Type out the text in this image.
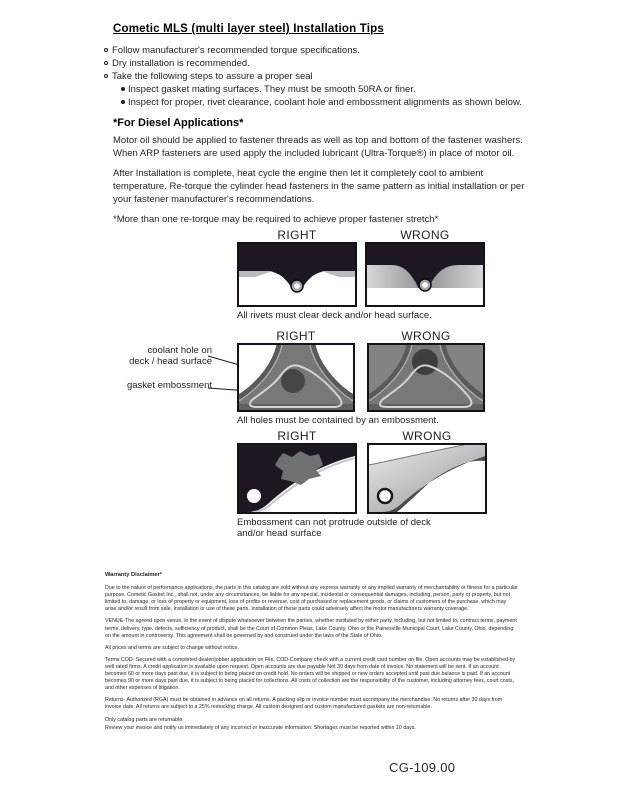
Cometic MLS (multi layer steel) Installation Tips
Follow manufacturer's recommended torque specifications.
Dry installation is recommended.
Take the following steps to assure a proper seal
Inspect gasket mating surfaces. They must be smooth 50RA or finer.
Inspect for proper, rivet clearance, coolant hole and embossment alignments as shown below.
*For Diesel Applications*

Motor oil should be applied to fastener threads as well as top and bottom of the fastener washers. When ARP fasteners are used apply the included lubricant (Ultra-Torque®) in place of motor oil.

After Installation is complete, heat cycle the engine then let it completely cool to ambient temperature. Re-torque the cylinder head fasteners in the same pattern as initial installation or per your fastener manufacturer's recommendations.

*More than one re-torque may be required to achieve proper fastener stretch*

RIGHT	WRONG
All rivets must clear deck and/or head surface.
coolant hole on
deck / head surface
gasket embossment
RIGHT	WRONG
All holes must be contained by an embossment.
RIGHT	WRONG
Embossment can not protrude outside of deck and/or head surface
Warranty Disclaimer*

Due to the nature of performance applications, the parts in this catalog are sold without any express warranty or any implied warranty of merchantability or fitness for a particular purpose. Cometic Gasket Inc., shall not, under any circumstances, be liable for any special, incidental or consequential damages, including, person, party or property, but not limited to, damage, or loss of property or equipment, loss of profits or revenue, cost of purchased or replacement goods, or claims of customers of the purchase, which may arise and/or result from sale, installation or use of these parts. Installation of these parts could adversely affect the motor manufacturers warranty coverage.

VENUE-The agreed upon venue, in the event of dispute whatsoever between the parties, whether instituted by either party, including, but not limited to, contract terms, payment terms, delivery, type, defects, sufficiency of product, shall be the Court of Common Pleas, Lake County, Ohio or the Painesville Municipal Court, Lake County, Ohio, depending on the amount in controversy. This agreement shall be governed by and construed under the laws of the State of Ohio.

All prices and terms are subject to change without notice.

Terms COD- Secured with a completed dealer/jobber application on File, COD-Company check with a current credit card number on file. Open accounts may be established by well rated firms. A credit application is available upon request. Open accounts are due payable Net 30 days from date of invoice. No statement will be sent. If an account becomes 60 or more days past due, it is subject to being placed on credit hold. No orders will be shipped or new orders accepted until past due balance is paid. If an account becomes 90 or more days past due, it is subject to being placed for collections. All costs of collection are the responsibility of the customer, including attorney fees, court costs, and other expenses of litigation.

Returns- Authorized (RGA) must be obtained in advance on all returns. A packing slip or invoice number must accompany the merchandise. No returns after 30 days from invoice date. All returns are subject to a 25% restocking charge. All custom designed and custom manufactured gaskets are non-returnable.

Only catalog parts are returnable.

Review your invoice and notify us immediately of any incorrect or inaccurate information. Shortages must be reported within 10 days.

CG-109.00
